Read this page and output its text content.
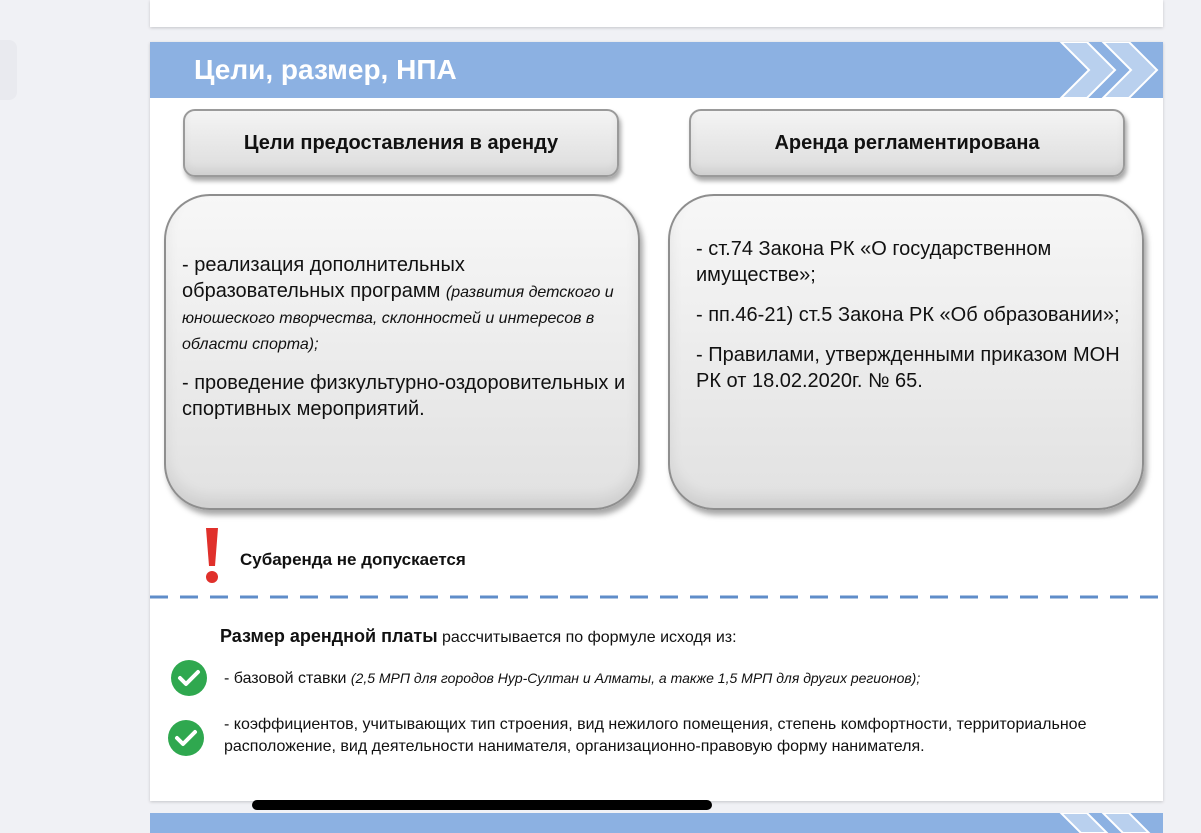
Цели, размер, НПА
Цели предоставления в аренду	Аренда регламентирована

- реализация дополнительных образовательных программ (развития детского и юношеского творчества, склонностей и интересов в области спорта);

- проведение физкультурно-оздоровительных и спортивных мероприятий.

- ст.74 Закона РК «О государственном имуществе»;

- пп.46-21) ст.5 Закона РК «Об образовании»;

- Правилами, утвержденными приказом МОН РК от 18.02.2020г. № 65.

Субаренда не допускается
Размер арендной платы рассчитывается по формуле исходя из:
- базовой ставки (2,5 МРП для городов Нур-Султан и Алматы, а также 1,5 МРП для других регионов);
- коэффициентов, учитывающих тип строения, вид нежилого помещения, степень комфортности, территориальное расположение, вид деятельности нанимателя, организационно-правовую форму нанимателя.
